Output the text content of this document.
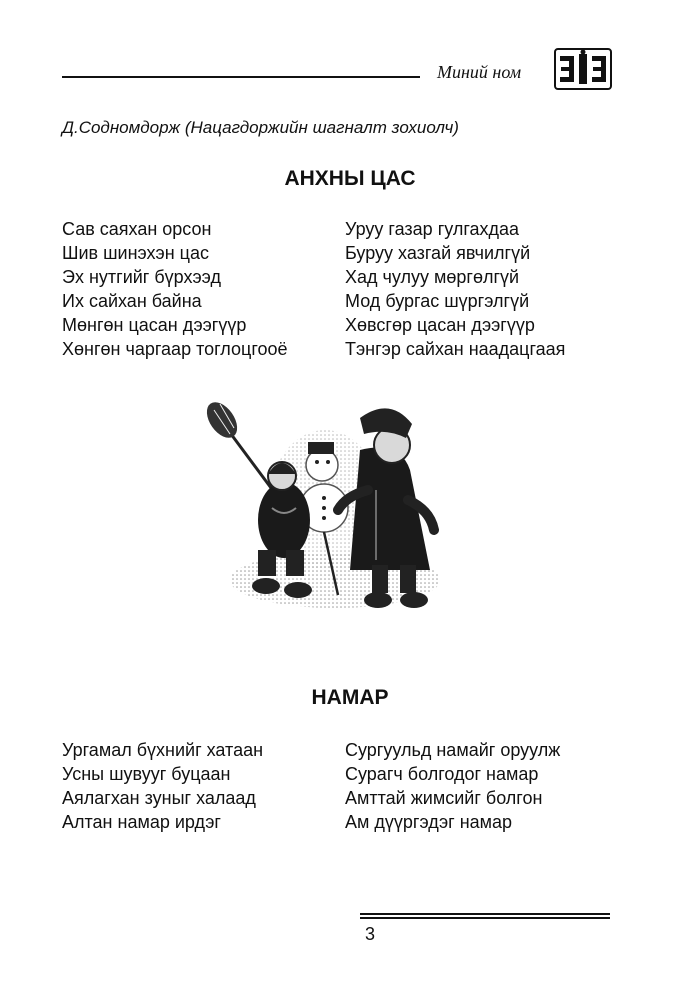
Миний ном
Д.Содномдорж (Нацагдоржийн шагналт зохиолч)
АНХНЫ ЦАС
Сав саяхан орсон
Шив шинэхэн цас
Эх нутгийг бүрхээд
Их сайхан байна
Мөнгөн цасан дээгүүр
Хөнгөн чаргаар тоглоцгооё
Уруу газар гулгахдаа
Буруу хазгай явчилгүй
Хад чулуу мөргөлгүй
Мод бургас шүргэлгүй
Хөвсгөр цасан дээгүүр
Тэнгэр сайхан наадацгаая
НАМАР
Ургамал бүхнийг хатаан
Усны шувууг буцаан
Аялагхан зуныг халаад
Алтан намар ирдэг
Сургуульд намайг оруулж
Сурагч болгодог намар
Амттай жимсийг болгон
Ам дүүргэдэг намар
3
